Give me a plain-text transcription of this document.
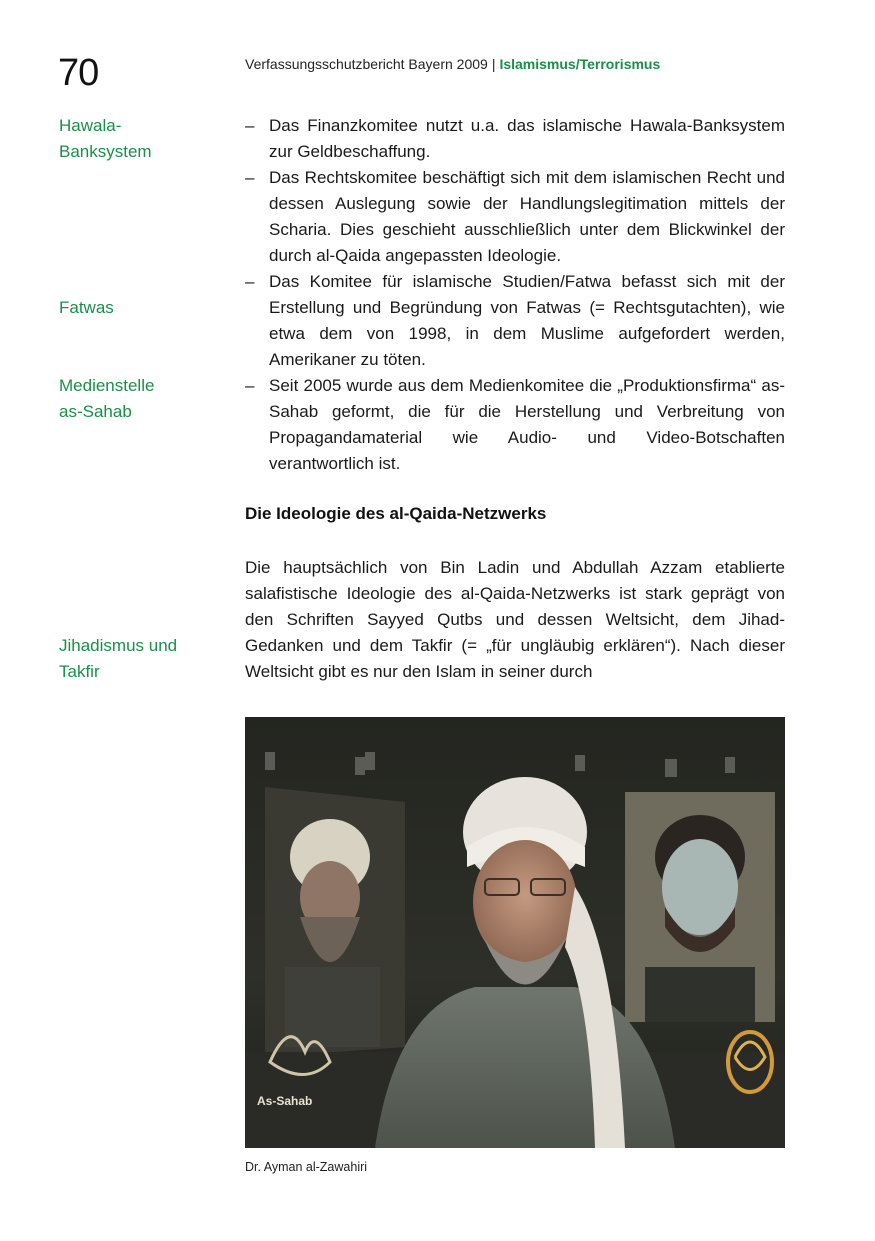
70	Verfassungsschutzbericht Bayern 2009 | Islamismus/Terrorismus
Hawala-
Banksystem
Fatwas
Medienstelle
as-Sahab
Jihadismus und
Takfir
– Das Finanzkomitee nutzt u.a. das islamische Hawala-Banksystem zur Geldbeschaffung.
– Das Rechtskomitee beschäftigt sich mit dem islamischen Recht und dessen Auslegung sowie der Handlungslegitimation mittels der Scharia. Dies geschieht ausschließlich unter dem Blickwinkel der durch al-Qaida angepassten Ideologie.
– Das Komitee für islamische Studien/Fatwa befasst sich mit der Erstellung und Begründung von Fatwas (= Rechtsgutachten), wie etwa dem von 1998, in dem Muslime aufgefordert werden, Amerikaner zu töten.
– Seit 2005 wurde aus dem Medienkomitee die „Produktionsfirma“ as-Sahab geformt, die für die Herstellung und Verbreitung von Propagandamaterial wie Audio- und Video-Botschaften verantwortlich ist.
Die Ideologie des al-Qaida-Netzwerks

Die hauptsächlich von Bin Ladin und Abdullah Azzam etablierte salafistische Ideologie des al-Qaida-Netzwerks ist stark geprägt von den Schriften Sayyed Qutbs und dessen Weltsicht, dem Jihad-Gedanken und dem Takfir (= „für ungläubig erklären“). Nach dieser Weltsicht gibt es nur den Islam in seiner durch

As-Sahab
Dr. Ayman al-Zawahiri
